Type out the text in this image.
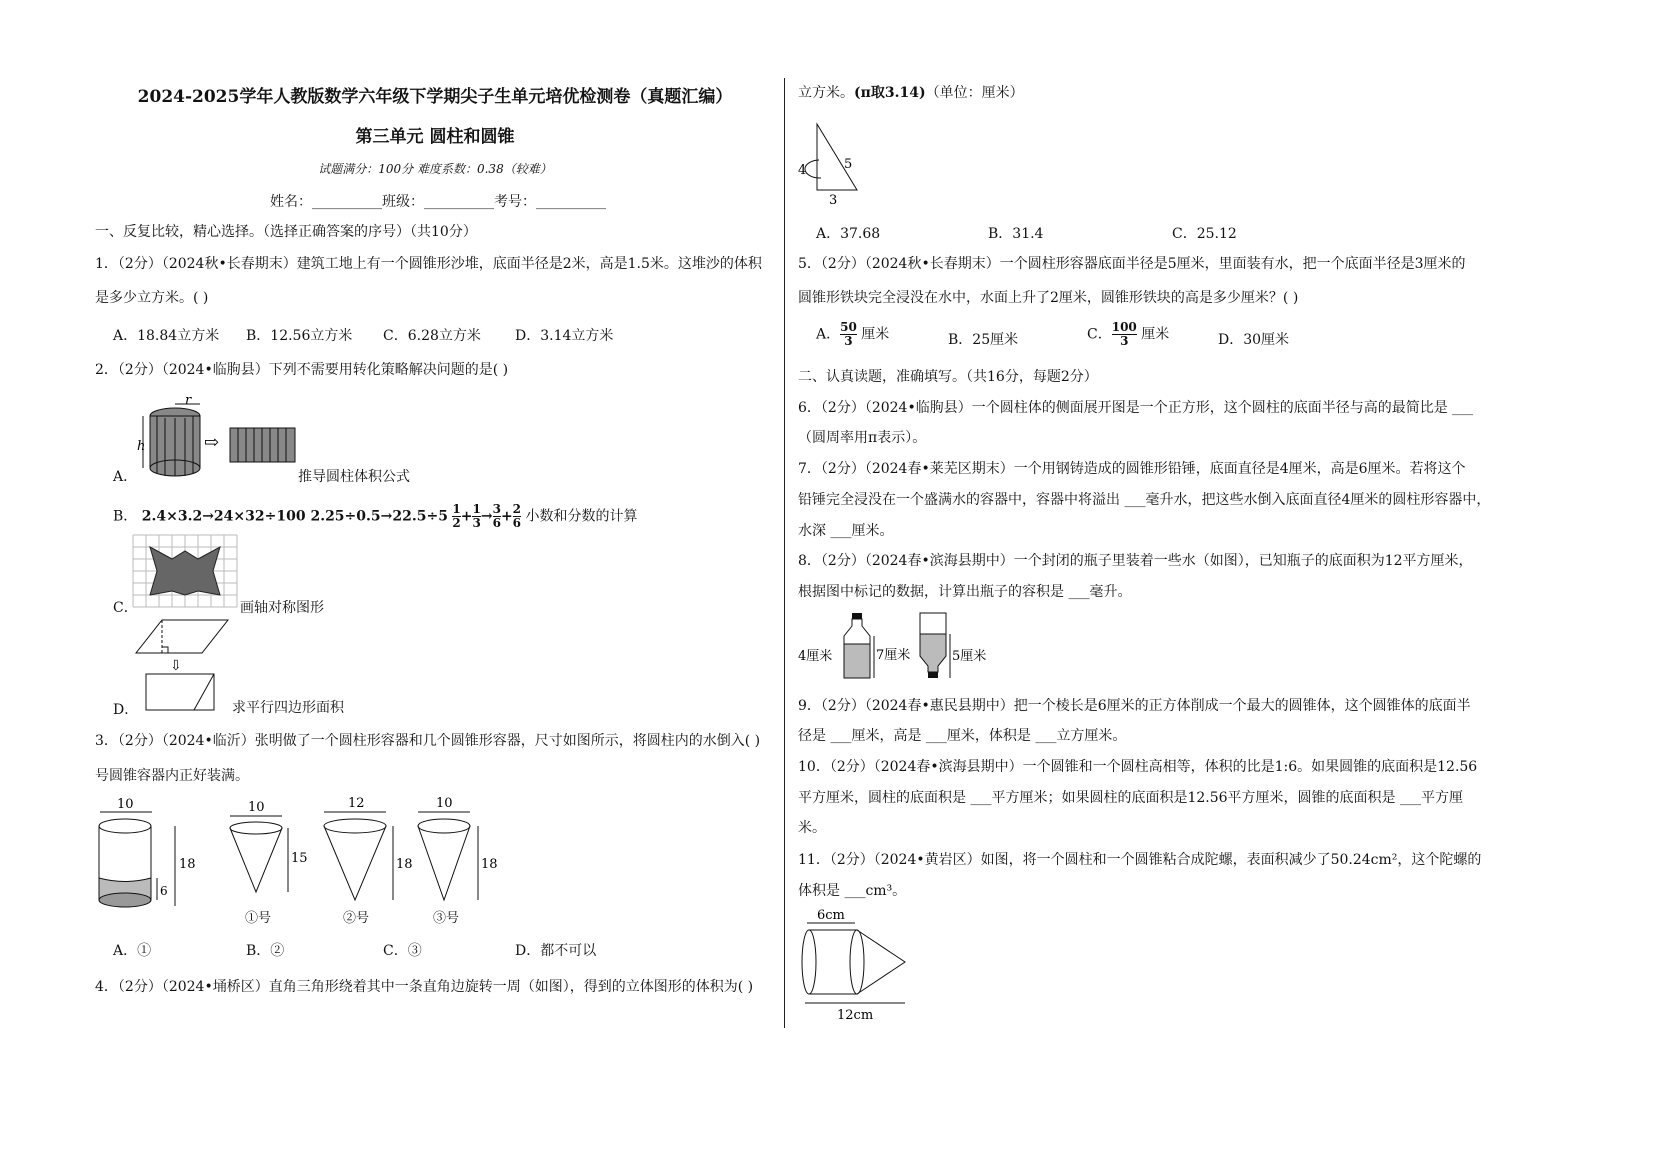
2024-2025学年人教版数学六年级下学期尖子生单元培优检测卷（真题汇编）
第三单元 圆柱和圆锥
试题满分：100分 难度系数：0.38（较难）
姓名：__________班级：__________考号：__________
一、反复比较，精心选择。（选择正确答案的序号）（共10分）
1．（2分）（2024秋•长春期末）建筑工地上有一个圆锥形沙堆，底面半径是2米，高是1.5米。这堆沙的体积
是多少立方米。( )
A．18.84立方米 B．12.56立方米 C．6.28立方米 D．3.14立方米
2．（2分）（2024•临朐县）下列不需要用转化策略解决问题的是( )
h
r
⇨
A．	推导圆柱体积公式
B． 2.4×3.2→24×32÷100 $2.25\div 0.5\to 22.5\div 5 \frac{1}{2} + \frac{1}{3} \to \frac{3}{6} + \frac{2}{6}$ 小数和分数的计算
C．	画轴对称图形
⇩
D．	求平行四边形面积
3．（2分）（2024•临沂）张明做了一个圆柱形容器和几个圆锥形容器，尺寸如图所示，将圆柱内的水倒入( )
号圆锥容器内正好装满。
10
18
6
10
15
①号
12
18
②号
10
18
③号
A．①	B．②	C．③	D．都不可以
4．（2分）（2024•埇桥区）直角三角形绕着其中一条直角边旋转一周（如图），得到的立体图形的体积为( )
立方米。(π取3.14)（单位：厘米）
4	5
3
A．37.68	B．31.4	C．25.12
5．（2分）（2024秋•长春期末）一个圆柱形容器底面半径是5厘米，里面装有水，把一个底面半径是3厘米的
圆锥形铁块完全浸没在水中，水面上升了2厘米，圆锥形铁块的高是多少厘米？( )
A． $\frac{50}{3}$ 厘米	B．25厘米	C． $\frac{100}{3}$ 厘米	D．30厘米
二、认真读题，准确填写。（共16分，每题2分）
6．（2分）（2024•临朐县）一个圆柱体的侧面展开图是一个正方形，这个圆柱的底面半径与高的最简比是 ___
（圆周率用π表示）。
7．（2分）（2024春•莱芜区期末）一个用钢铸造成的圆锥形铅锤，底面直径是4厘米，高是6厘米。若将这个
铅锤完全浸没在一个盛满水的容器中，容器中将溢出 ___毫升水，把这些水倒入底面直径4厘米的圆柱形容器中，
水深 ___厘米。
8．（2分）（2024春•滨海县期中）一个封闭的瓶子里装着一些水（如图），已知瓶子的底面积为12平方厘米，
根据图中标记的数据，计算出瓶子的容积是 ___毫升。
4厘米	7厘米	5厘米
9．（2分）（2024春•惠民县期中）把一个棱长是6厘米的正方体削成一个最大的圆锥体，这个圆锥体的底面半
径是 ___厘米，高是 ___厘米，体积是 ___立方厘米。
10．（2分）（2024春•滨海县期中）一个圆锥和一个圆柱高相等，体积的比是1:6。如果圆锥的底面积是12.56
平方厘米，圆柱的底面积是 ___平方厘米；如果圆柱的底面积是12.56平方厘米，圆锥的底面积是 ___平方厘
米。
11．（2分）（2024•黄岩区）如图，将一个圆柱和一个圆锥粘合成陀螺，表面积减少了50.24cm²，这个陀螺的
体积是 ___cm³。
6cm
12cm
